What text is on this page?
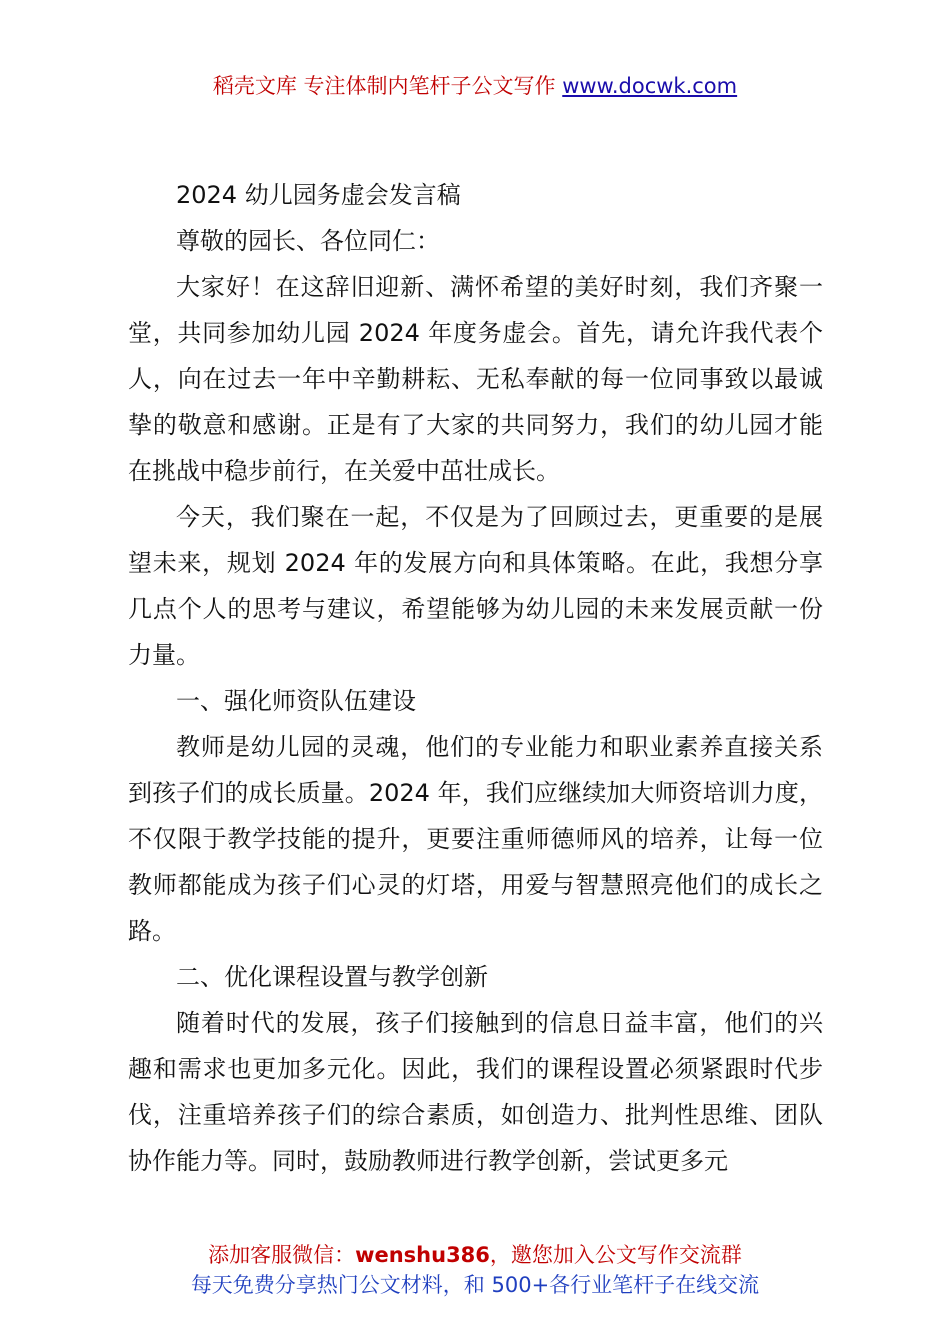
稻壳文库 专注体制内笔杆子公文写作 www.docwk.com

2024 幼儿园务虚会发言稿

尊敬的园长、各位同仁：

大家好！在这辞旧迎新、满怀希望的美好时刻，我们齐聚一堂，共同参加幼儿园 2024 年度务虚会。首先，请允许我代表个人，向在过去一年中辛勤耕耘、无私奉献的每一位同事致以最诚挚的敬意和感谢。正是有了大家的共同努力，我们的幼儿园才能在挑战中稳步前行，在关爱中茁壮成长。

今天，我们聚在一起，不仅是为了回顾过去，更重要的是展望未来，规划 2024 年的发展方向和具体策略。在此，我想分享几点个人的思考与建议，希望能够为幼儿园的未来发展贡献一份力量。

一、强化师资队伍建设

教师是幼儿园的灵魂，他们的专业能力和职业素养直接关系到孩子们的成长质量。2024 年，我们应继续加大师资培训力度，不仅限于教学技能的提升，更要注重师德师风的培养，让每一位教师都能成为孩子们心灵的灯塔，用爱与智慧照亮他们的成长之路。

二、优化课程设置与教学创新

随着时代的发展，孩子们接触到的信息日益丰富，他们的兴趣和需求也更加多元化。因此，我们的课程设置必须紧跟时代步伐，注重培养孩子们的综合素质，如创造力、批判性思维、团队协作能力等。同时，鼓励教师进行教学创新，尝试更多元

添加客服微信：wenshu386，邀您加入公文写作交流群
每天免费分享热门公文材料，和 500+各行业笔杆子在线交流
